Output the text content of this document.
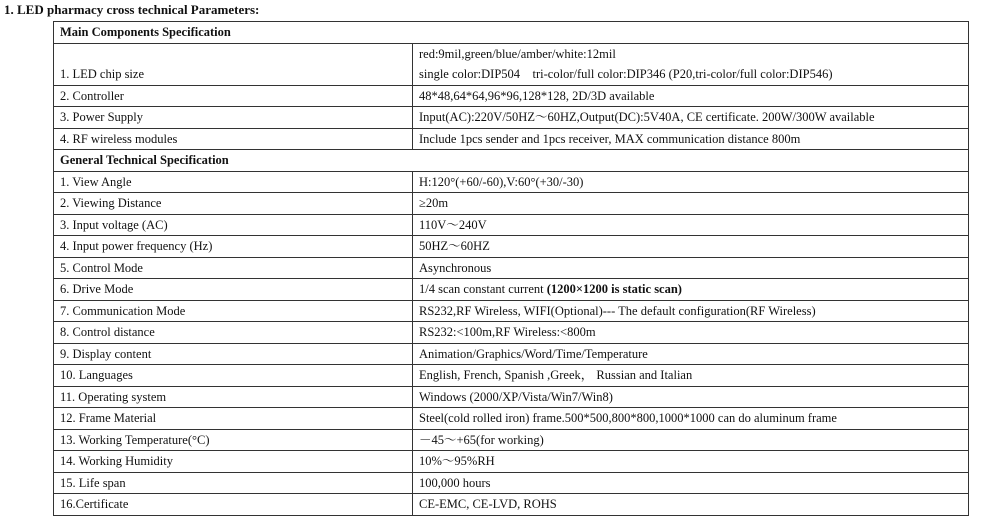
1. LED pharmacy cross technical Parameters:
Main Components Specification	
1. LED chip size	red:9mil,green/blue/amber/white:12mil
single color:DIP504    tri-color/full color:DIP346 (P20,tri-color/full color:DIP546)

2. Controller	48*48,64*64,96*96,128*128, 2D/3D available
3. Power Supply	Input(AC):220V/50HZ～60HZ,Output(DC):5V40A, CE certificate. 200W/300W available
4. RF wireless modules	Include 1pcs sender and 1pcs receiver, MAX communication distance 800m
General Technical Specification	
1. View Angle	H:120°(+60/-60),V:60°(+30/-30)
2. Viewing Distance	≥20m
3. Input voltage (AC)	110V～240V
4. Input power frequency (Hz)	50HZ～60HZ
5. Control Mode	Asynchronous
6. Drive Mode	1/4 scan constant current (1200×1200 is static scan)
7. Communication Mode	RS232,RF Wireless, WIFI(Optional)--- The default configuration(RF Wireless)
8. Control distance	RS232:<100m,RF Wireless:<800m
9. Display content	Animation/Graphics/Word/Time/Temperature
10. Languages	English, French, Spanish ,Greek， Russian and Italian
11. Operating system	Windows (2000/XP/Vista/Win7/Win8)
12. Frame Material	Steel(cold rolled iron) frame.500*500,800*800,1000*1000 can do aluminum frame
13. Working Temperature(°C)	－45～+65(for working)
14. Working Humidity	10%～95%RH
15. Life span	100,000 hours
16.Certificate	CE-EMC, CE-LVD, ROHS
